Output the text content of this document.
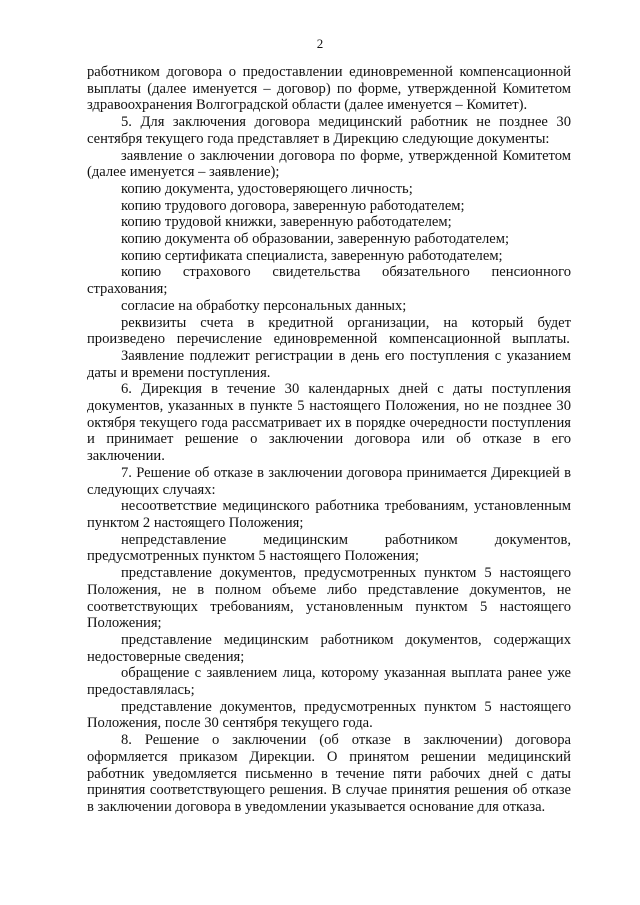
2

работником договора о предоставлении единовременной компенсационной выплаты (далее именуется – договор) по форме, утвержденной Комитетом здравоохранения Волгоградской области (далее именуется – Комитет).

5. Для заключения договора медицинский работник не позднее 30 сентября текущего года представляет в Дирекцию следующие документы:

заявление о заключении договора по форме, утвержденной Комитетом (далее именуется – заявление);

копию документа, удостоверяющего личность;

копию трудового договора, заверенную работодателем;

копию трудовой книжки, заверенную работодателем;

копию документа об образовании, заверенную работодателем;

копию сертификата специалиста, заверенную работодателем;

копию страхового свидетельства обязательного пенсионного страхования;

согласие на обработку персональных данных;

реквизиты счета в кредитной организации, на который будет произведено перечисление единовременной компенсационной выплаты.

Заявление подлежит регистрации в день его поступления с указанием даты и времени поступления.

6. Дирекция в течение 30 календарных дней с даты поступления документов, указанных в пункте 5 настоящего Положения, но не позднее 30 октября текущего года рассматривает их в порядке очередности поступления и принимает решение о заключении договора или об отказе в его заключении.

7. Решение об отказе в заключении договора принимается Дирекцией в следующих случаях:

несоответствие медицинского работника требованиям, установленным пунктом 2 настоящего Положения;

непредставление медицинским работником документов, предусмотренных пунктом 5 настоящего Положения;

представление документов, предусмотренных пунктом 5 настоящего Положения, не в полном объеме либо представление документов, не соответствующих требованиям, установленным пунктом 5 настоящего Положения;

представление медицинским работником документов, содержащих недостоверные сведения;

обращение с заявлением лица, которому указанная выплата ранее уже предоставлялась;

представление документов, предусмотренных пунктом 5 настоящего Положения, после 30 сентября текущего года.

8. Решение о заключении (об отказе в заключении) договора оформляется приказом Дирекции. О принятом решении медицинский работник уведомляется письменно в течение пяти рабочих дней с даты принятия соответствующего решения. В случае принятия решения об отказе в заключении договора в уведомлении указывается основание для отказа.
